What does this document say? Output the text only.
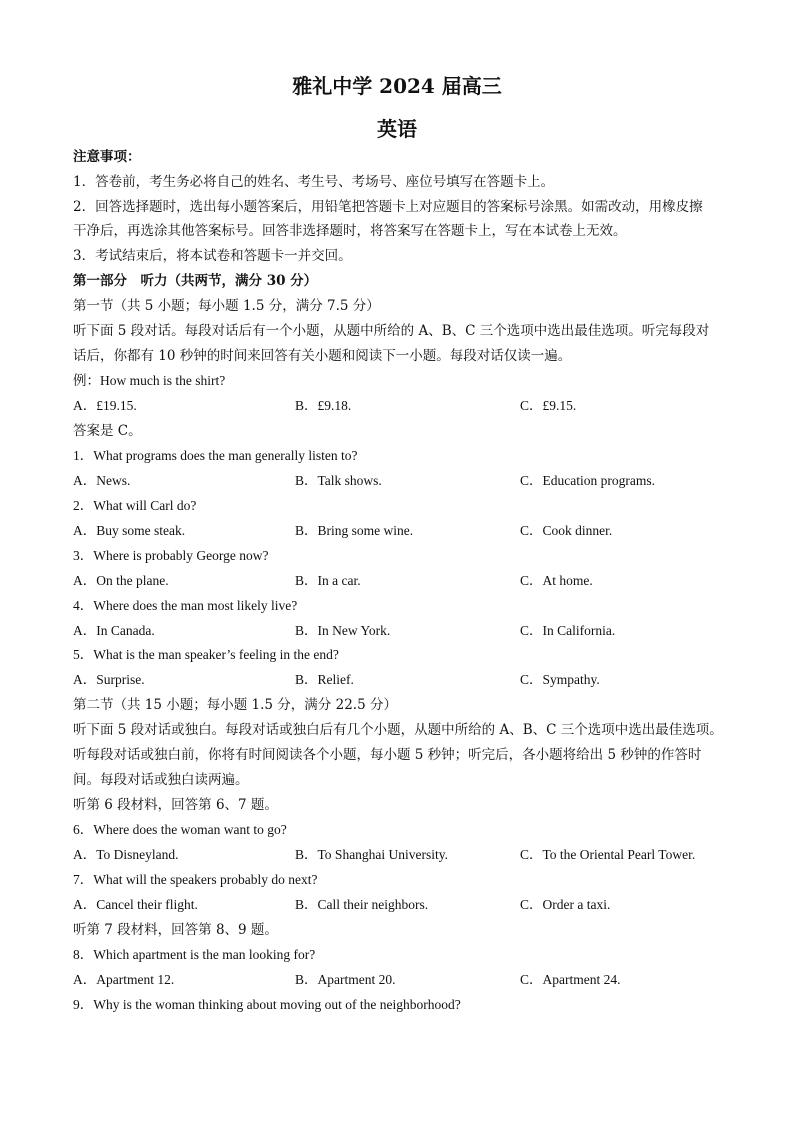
雅礼中学 2024 届高三
英语
注意事项：
1．答卷前，考生务必将自己的姓名、考生号、考场号、座位号填写在答题卡上。
2．回答选择题时，选出每小题答案后，用铅笔把答题卡上对应题目的答案标号涂黑。如需改动，用橡皮擦
干净后，再选涂其他答案标号。回答非选择题时，将答案写在答题卡上，写在本试卷上无效。
3．考试结束后，将本试卷和答题卡一并交回。
第一部分　听力（共两节，满分 30 分）
第一节（共 5 小题；每小题 1.5 分，满分 7.5 分）
听下面 5 段对话。每段对话后有一个小题，从题中所给的 A、B、C 三个选项中选出最佳选项。听完每段对
话后，你都有 10 秒钟的时间来回答有关小题和阅读下一小题。每段对话仅读一遍。
例：How much is the shirt?
A．£19.15.	B．£9.18.	C．£9.15.
答案是 C。
1．What programs does the man generally listen to?
A．News.	B．Talk shows.	C．Education programs.
2．What will Carl do?
A．Buy some steak.	B．Bring some wine.	C．Cook dinner.
3．Where is probably George now?
A．On the plane.	B．In a car.	C．At home.
4．Where does the man most likely live?
A．In Canada.	B．In New York.	C．In California.
5．What is the man speaker’s feeling in the end?
A．Surprise.	B．Relief.	C．Sympathy.
第二节（共 15 小题；每小题 1.5 分，满分 22.5 分）
听下面 5 段对话或独白。每段对话或独白后有几个小题，从题中所给的 A、B、C 三个选项中选出最佳选项。
听每段对话或独白前，你将有时间阅读各个小题，每小题 5 秒钟；听完后，各小题将给出 5 秒钟的作答时
间。每段对话或独白读两遍。
听第 6 段材料，回答第 6、7 题。
6．Where does the woman want to go?
A．To Disneyland.	B．To Shanghai University.	C．To the Oriental Pearl Tower.
7．What will the speakers probably do next?
A．Cancel their flight.	B．Call their neighbors.	C．Order a taxi.
听第 7 段材料，回答第 8、9 题。
8．Which apartment is the man looking for?
A．Apartment 12.	B．Apartment 20.	C．Apartment 24.
9．Why is the woman thinking about moving out of the neighborhood?
